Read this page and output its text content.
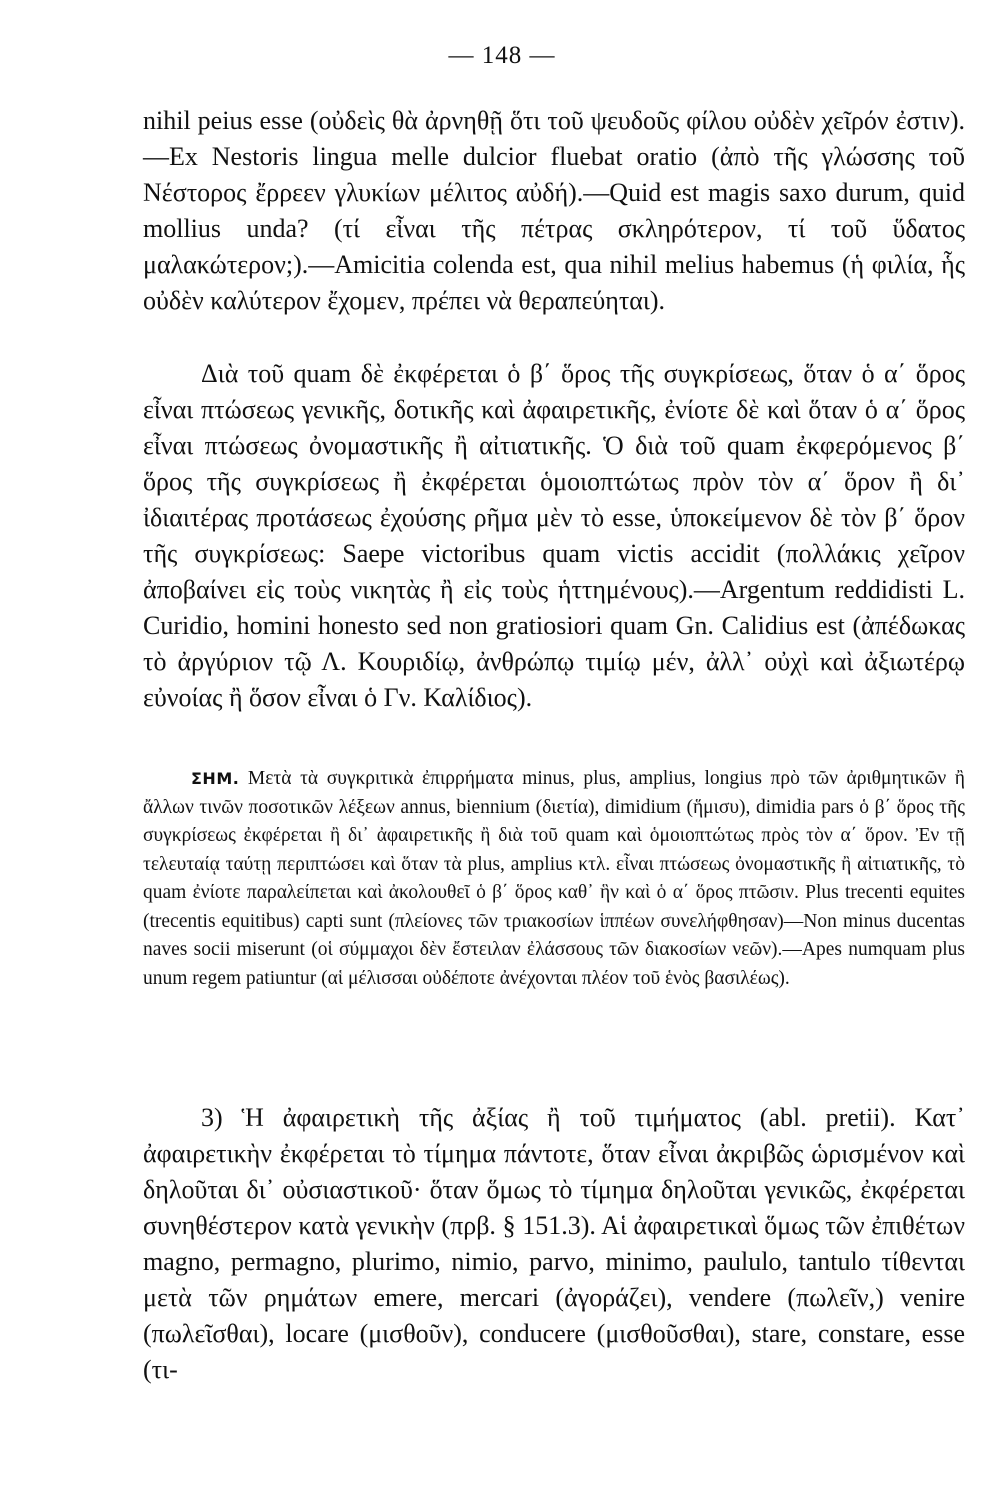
— 148 —

nihil peius esse (οὐδεὶς θὰ ἀρνηθῇ ὅτι τοῦ ψευδοῦς φίλου οὐδὲν χεῖρόν ἐστιν).—Ex Nestoris lingua melle dulcior fluebat oratio (ἀπὸ τῆς γλώσσης τοῦ Νέστορος ἔρρεεν γλυκίων μέλιτος αὐδή).—Quid est magis saxo durum, quid mollius unda? (τί εἶναι τῆς πέτρας σκληρότερον, τί τοῦ ὕδατος μαλακώτερον;).—Amicitia colenda est, qua nihil melius habemus (ἡ φιλία, ἧς οὐδὲν καλύτερον ἔχομεν, πρέπει νὰ θεραπεύηται).

Διὰ τοῦ quam δὲ ἐκφέρεται ὁ β΄ ὅρος τῆς συγκρίσεως, ὅταν ὁ α΄ ὅρος εἶναι πτώσεως γενικῆς, δοτικῆς καὶ ἀφαιρετικῆς, ἐνίοτε δὲ καὶ ὅταν ὁ α΄ ὅρος εἶναι πτώσεως ὀνομαστικῆς ἢ αἰτιατικῆς. Ὁ διὰ τοῦ quam ἐκφερόμενος β΄ ὅρος τῆς συγκρίσεως ἢ ἐκφέρεται ὁμοιοπτώτως πρὸν τὸν α΄ ὅρον ἢ δι᾽ ἰδιαιτέρας προτάσεως ἐχούσης ρῆμα μὲν τὸ esse, ὑποκείμενον δὲ τὸν β΄ ὅρον τῆς συγκρίσεως: Saepe victoribus quam victis accidit (πολλάκις χεῖρον ἀποβαίνει εἰς τοὺς νικητὰς ἢ εἰς τοὺς ἡττημένους).—Argentum reddidisti L. Curidio, homini honesto sed non gratiosiori quam Gn. Calidius est (ἀπέδωκας τὸ ἀργύριον τῷ Λ. Κουριδίῳ, ἀνθρώπῳ τιμίῳ μέν, ἀλλ᾽ οὐχὶ καὶ ἀξιωτέρῳ εὐνοίας ἢ ὅσον εἶναι ὁ Γν. Καλίδιος).

ΣΗΜ. Μετὰ τὰ συγκριτικὰ ἐπιρρήματα minus, plus, amplius, longius πρὸ τῶν ἀριθμητικῶν ἢ ἄλλων τινῶν ποσοτικῶν λέξεων annus, biennium (διετία), dimidium (ἥμισυ), dimidia pars ὁ β΄ ὅρος τῆς συγκρίσεως ἐκφέρεται ἢ δι᾽ ἀφαιρετικῆς ἢ διὰ τοῦ quam καὶ ὁμοιοπτώτως πρὸς τὸν α΄ ὅρον. Ἐν τῇ τελευταίᾳ ταύτῃ περιπτώσει καὶ ὅταν τὰ plus, amplius κτλ. εἶναι πτώσεως ὀνομαστικῆς ἢ αἰτιατικῆς, τὸ quam ἐνίοτε παραλείπεται καὶ ἀκολουθεῖ ὁ β΄ ὅρος καθ᾽ ἣν καὶ ὁ α΄ ὅρος πτῶσιν. Plus trecenti equites (trecentis equitibus) capti sunt (πλείονες τῶν τριακοσίων ἱππέων συνελήφθησαν)—Non minus ducentas naves socii miserunt (οἱ σύμμαχοι δὲν ἔστειλαν ἐλάσσους τῶν διακοσίων νεῶν).—Apes numquam plus unum regem patiuntur (αἱ μέλισσαι οὐδέποτε ἀνέχονται πλέον τοῦ ἑνὸς βασιλέως).

3) Ἡ ἀφαιρετικὴ τῆς ἀξίας ἢ τοῦ τιμήματος (abl. pretii). Κατ᾽ ἀφαιρετικὴν ἐκφέρεται τὸ τίμημα πάντοτε, ὅταν εἶναι ἀκριβῶς ὡρισμένον καὶ δηλοῦται δι᾽ οὐσιαστικοῦ· ὅταν ὅμως τὸ τίμημα δηλοῦται γενικῶς, ἐκφέρεται συνηθέστερον κατὰ γενικὴν (πρβ. § 151.3). Αἱ ἀφαιρετικαὶ ὅμως τῶν ἐπιθέτων magno, permagno, plurimo, nimio, parvo, minimo, paululo, tantulo τίθενται μετὰ τῶν ρημάτων emere, mercari (ἀγοράζει), vendere (πωλεῖν,) venire (πωλεῖσθαι), locare (μισθοῦν), conducere (μισθοῦσθαι), stare, constare, esse (τι-
